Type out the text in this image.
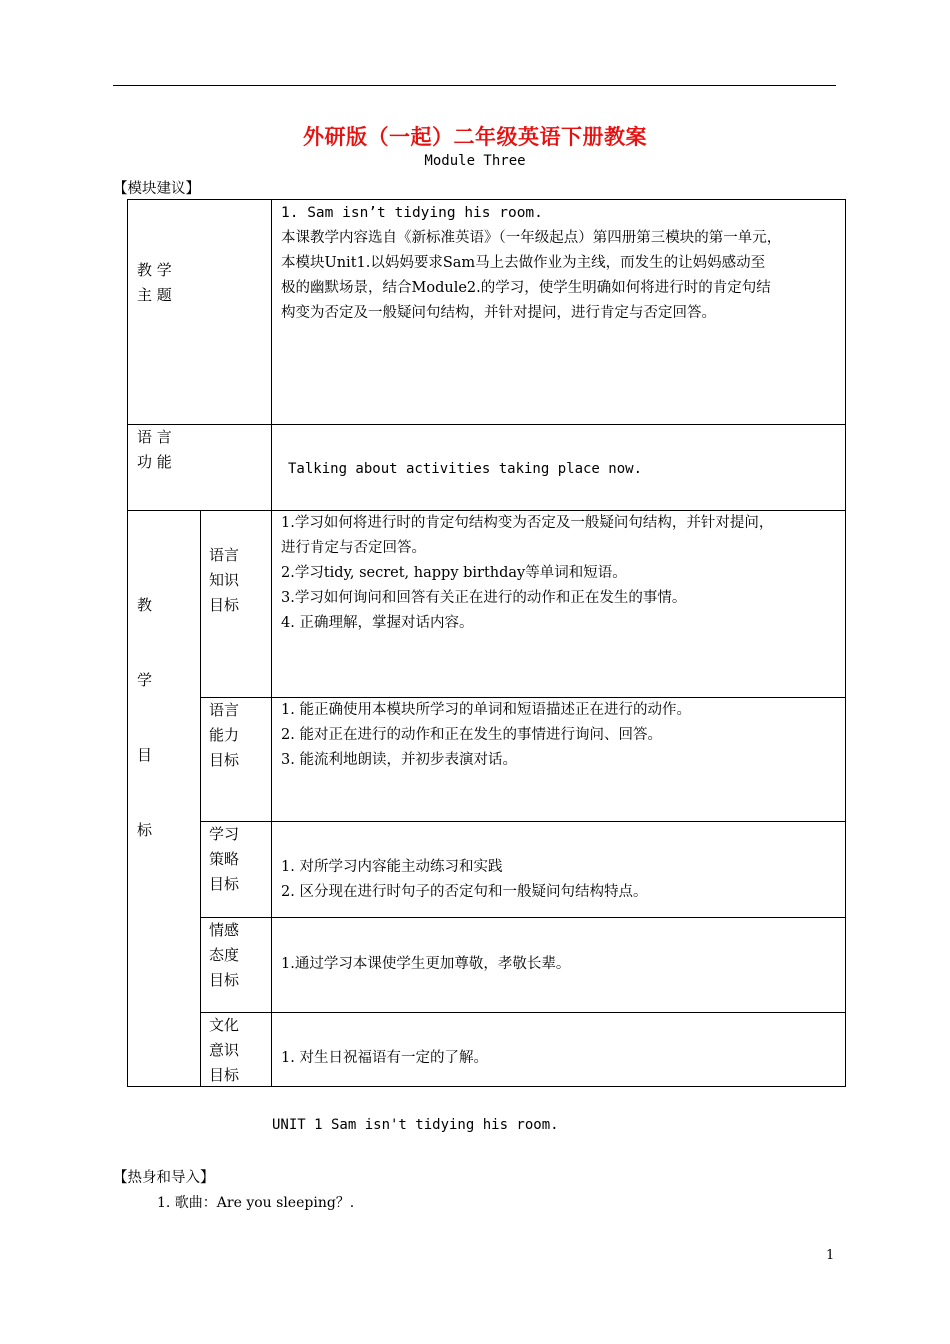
外研版（一起）二年级英语下册教案
Module Three
【模块建议】
教 学
主 题
1. Sam isn’t tidying his room.
本课教学内容选自《新标准英语》（一年级起点）第四册第三模块的第一单元，
本模块Unit1.以妈妈要求Sam马上去做作业为主线，而发生的让妈妈感动至
极的幽默场景，结合Module2.的学习，使学生明确如何将进行时的肯定句结
构变为否定及一般疑问句结构，并针对提问，进行肯定与否定回答。
语 言
功 能	Talking about activities taking place now.
教
学
目
标
语言
知识
目标
1.学习如何将进行时的肯定句结构变为否定及一般疑问句结构，并针对提问，
进行肯定与否定回答。
2.学习tidy, secret, happy birthday等单词和短语。
3.学习如何询问和回答有关正在进行的动作和正在发生的事情。
4. 正确理解，掌握对话内容。
语言
能力
目标
1. 能正确使用本模块所学习的单词和短语描述正在进行的动作。
2. 能对正在进行的动作和正在发生的事情进行询问、回答。
3. 能流利地朗读，并初步表演对话。
学习
策略
目标
1. 对所学习内容能主动练习和实践
2. 区分现在进行时句子的否定句和一般疑问句结构特点。
情感
态度
目标
1.通过学习本课使学生更加尊敬，孝敬长辈。
文化
意识
目标
1. 对生日祝福语有一定的了解。
UNIT 1 Sam isn't tidying his room.
【热身和导入】
1. 歌曲：Are you sleeping？.
1
